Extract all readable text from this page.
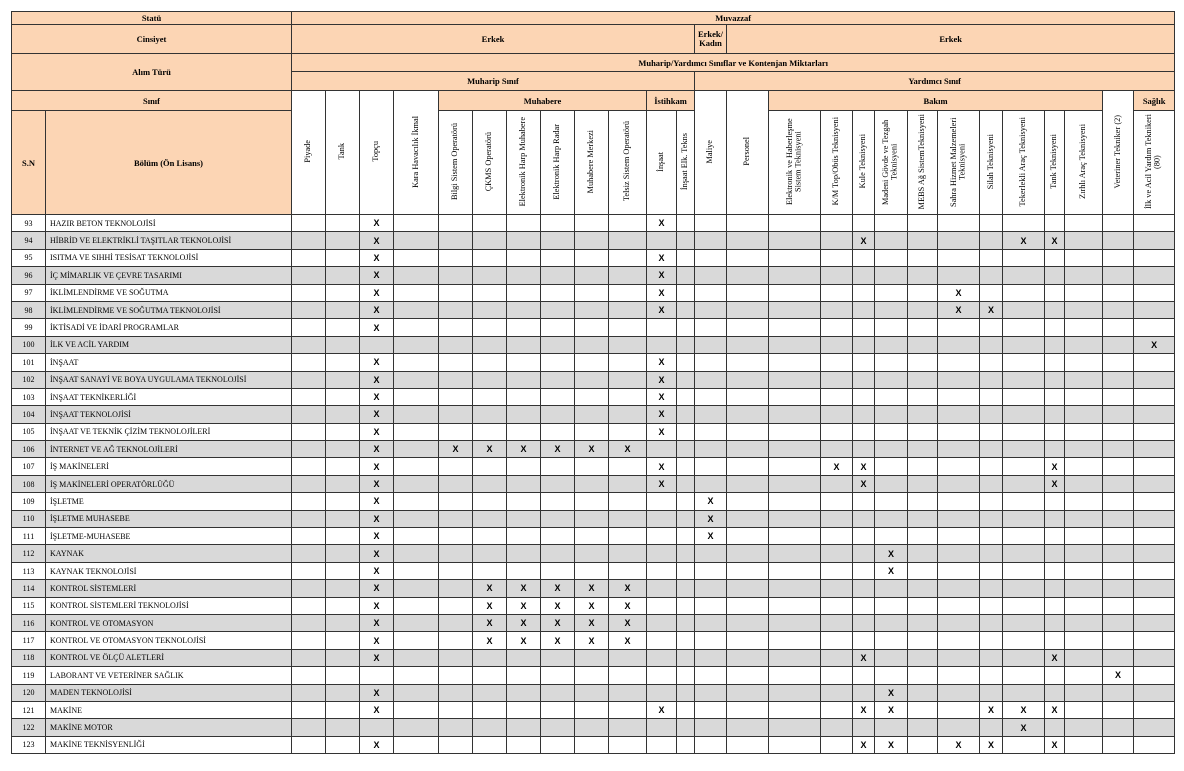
Statü		Muvazzaf																									
Cinsiyet		Erkek												Erkek/ Kadın	Erkek												
Alım Türü		Muharip/Yardımcı Sınıflar ve Kontenjan Miktarları																									
		Muharip Sınıf												Yardımcı Sınıf													
Sınıf		Piyade	Tank	Topçu	Kara Havacılık İkmal	Muhabere						İstihkam		Maliye	Personel	Bakım										Veteriner Tekniker (2)	Sağlık
S.N	Bölüm (Ön Lisans)					Bilgi Sistem Operatörü	ÇKMS Operatörü	Elektronik Harp Muhabere	Elektronik Harp Radar	Muhabere Merkezi	Telsiz Sistem Operatörü	İnşaat	İnşaat Elk. Tekns			Elektronik ve Haberleşme Sistem Teknisyeni	K/M Top/Obüs Teknisyeni	Kule Teknisyeni	Madeni Gövde ve Tezgah Teknisyeni	MEBS Ağ SistemTeknisyeni	Sahra Hizmet Malzemeleri Teknisyeni	Silah Teknisyeni	Tekerlekli Araç Teknisyeni	Tank Teknisyeni	Zırhlı Araç Teknisyeni		İlk ve Acil Yardım Teknikeri (80)
93	HAZIR BETON TEKNOLOJİSİ			X								X															
94	HİBRİD VE ELEKTRİKLİ TAŞITLAR TEKNOLOJİSİ			X														X					X	X			
95	ISITMA VE SIHHİ TESİSAT TEKNOLOJİSİ			X								X															
96	İÇ MİMARLIK VE ÇEVRE TASARIMI			X								X															
97	İKLİMLENDİRME VE SOĞUTMA			X								X									X						
98	İKLİMLENDİRME VE SOĞUTMA TEKNOLOJİSİ			X								X									X	X					
99	İKTİSADİ VE İDARİ PROGRAMLAR			X																							
100	İLK VE ACİL YARDIM																										X
101	İNŞAAT			X								X															
102	İNŞAAT SANAYİ VE BOYA UYGULAMA TEKNOLOJİSİ			X								X															
103	İNŞAAT TEKNİKERLİĞİ			X								X															
104	İNŞAAT TEKNOLOJİSİ			X								X															
105	İNŞAAT VE TEKNİK ÇİZİM TEKNOLOJİLERİ			X								X															
106	İNTERNET VE AĞ TEKNOLOJİLERİ			X		X	X	X	X	X	X																
107	İŞ MAKİNELERİ			X								X					X	X						X			
108	İŞ MAKİNELERİ OPERATÖRLÜĞÜ			X								X						X						X			
109	İŞLETME			X										X													
110	İŞLETME MUHASEBE			X										X													
111	İŞLETME-MUHASEBE			X										X													
112	KAYNAK			X															X								
113	KAYNAK TEKNOLOJİSİ			X															X								
114	KONTROL SİSTEMLERİ			X			X	X	X	X	X																
115	KONTROL SİSTEMLERİ TEKNOLOJİSİ			X			X	X	X	X	X																
116	KONTROL VE OTOMASYON			X			X	X	X	X	X																
117	KONTROL VE OTOMASYON TEKNOLOJİSİ			X			X	X	X	X	X																
118	KONTROL VE ÖLÇÜ ALETLERİ			X														X						X			
119	LABORANT VE VETERİNER SAĞLIK																									X	
120	MADEN TEKNOLOJİSİ			X															X								
121	MAKİNE			X								X						X	X			X	X	X			
122	MAKİNE MOTOR																						X				
123	MAKİNE TEKNİSYENLİĞİ			X														X	X		X	X		X			
